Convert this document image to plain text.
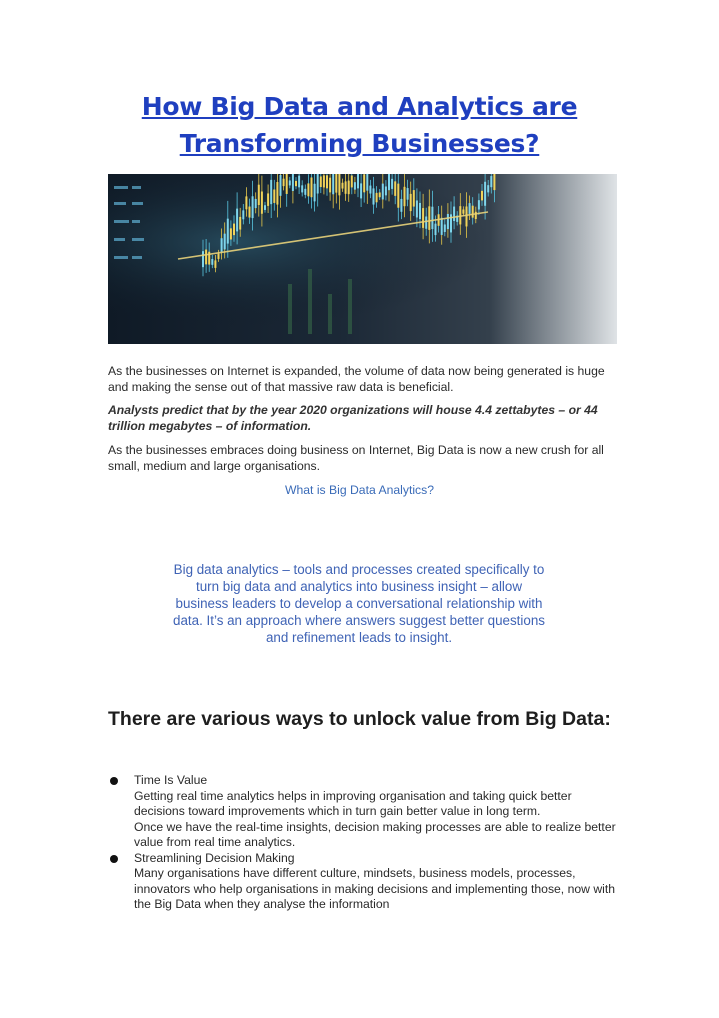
How Big Data and Analytics are Transforming Businesses?

As the businesses on Internet is expanded, the volume of data now being generated is huge and making the sense out of that massive raw data is beneficial.

Analysts predict that by the year 2020 organizations will house 4.4 zettabytes – or 44 trillion megabytes – of information.

As the businesses embraces doing business on Internet, Big Data is now a new crush for all small, medium and large organisations.

What is Big Data Analytics?
Big data analytics – tools and processes created specifically to turn big data and analytics into business insight – allow business leaders to develop a conversational relationship with data. It’s an approach where answers suggest better questions and refinement leads to insight.
There are various ways to unlock value from Big Data:
Time Is Value
Getting real time analytics helps in improving organisation and taking quick better decisions toward improvements which in turn gain better value in long term.
Once we have the real-time insights, decision making processes are able to realize better value from real time analytics.
Streamlining Decision Making
Many organisations have different culture, mindsets, business models, processes, innovators who help organisations in making decisions and implementing those, now with the Big Data when they analyse the information
